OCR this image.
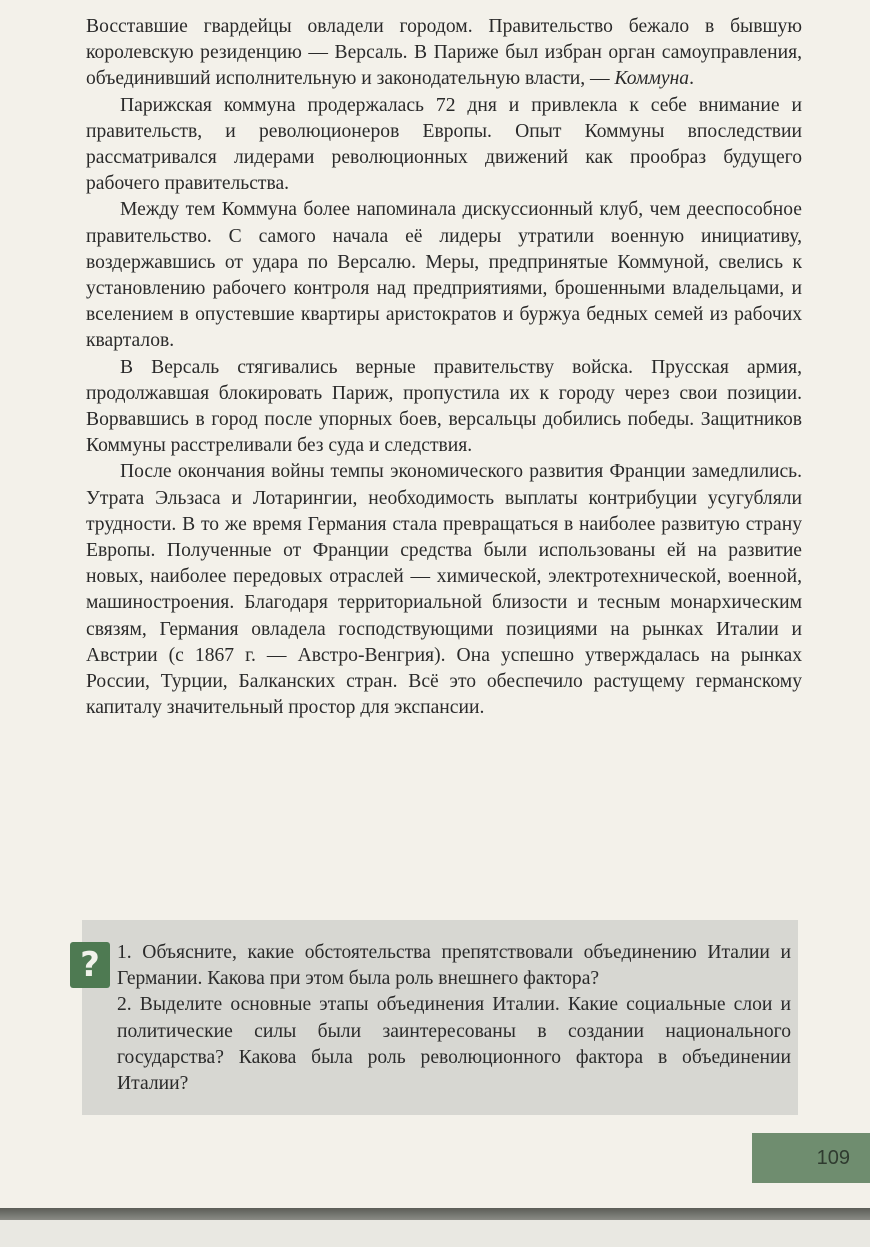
Восставшие гвардейцы овладели городом. Правительство бежало в бывшую королевскую резиденцию — Версаль. В Париже был избран орган самоуправления, объединивший исполнительную и законодательную власти, — Коммуна.

Парижская коммуна продержалась 72 дня и привлекла к себе внимание и правительств, и революционеров Европы. Опыт Коммуны впоследствии рассматривался лидерами революционных движений как прообраз будущего рабочего правительства.

Между тем Коммуна более напоминала дискуссионный клуб, чем дееспособное правительство. С самого начала её лидеры утратили военную инициативу, воздержавшись от удара по Версалю. Меры, предпринятые Коммуной, свелись к установлению рабочего контроля над предприятиями, брошенными владельцами, и вселением в опустевшие квартиры аристократов и буржуа бедных семей из рабочих кварталов.

В Версаль стягивались верные правительству войска. Прусская армия, продолжавшая блокировать Париж, пропустила их к городу через свои позиции. Ворвавшись в город после упорных боев, версальцы добились победы. Защитников Коммуны расстреливали без суда и следствия.

После окончания войны темпы экономического развития Франции замедлились. Утрата Эльзаса и Лотарингии, необходимость выплаты контрибуции усугубляли трудности. В то же время Германия стала превращаться в наиболее развитую страну Европы. Полученные от Франции средства были использованы ей на развитие новых, наиболее передовых отраслей — химической, электротехнической, военной, машиностроения. Благодаря территориальной близости и тесным монархическим связям, Германия овладела господствующими позициями на рынках Италии и Австрии (с 1867 г. — Австро-Венгрия). Она успешно утверждалась на рынках России, Турции, Балканских стран. Всё это обеспечило растущему германскому капиталу значительный простор для экспансии.

? 1. Объясните, какие обстоятельства препятствовали объединению Италии и Германии. Какова при этом была роль внешнего фактора?

2. Выделите основные этапы объединения Италии. Какие социальные слои и политические силы были заинтересованы в создании национального государства? Какова была роль революционного фактора в объединении Италии?

109
